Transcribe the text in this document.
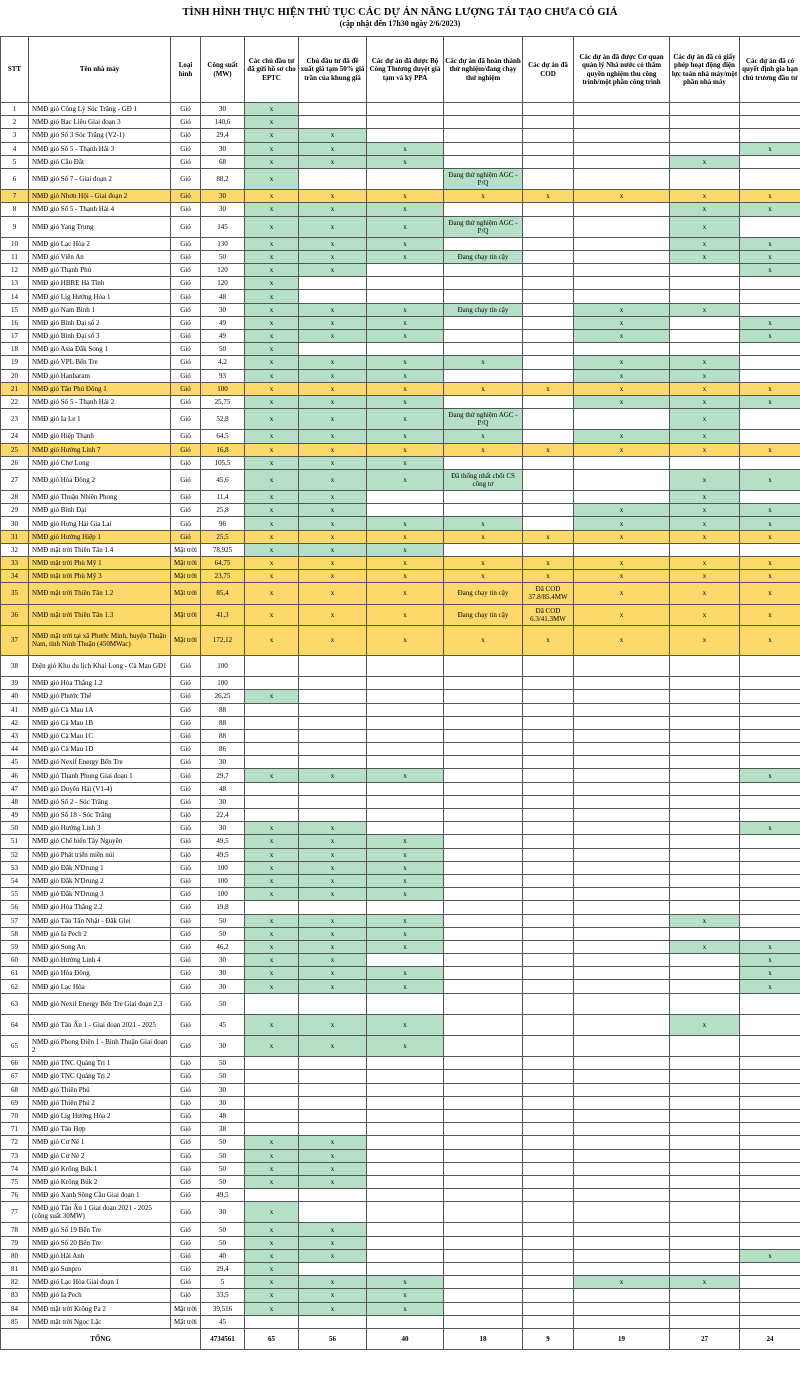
TÌNH HÌNH THỰC HIỆN THỦ TỤC CÁC DỰ ÁN NĂNG LƯỢNG TÁI TẠO CHƯA CÓ GIÁ
(cập nhật đến 17h30 ngày 2/6/2023)
STT	Tên nhà máy	Loại hình	Công suất (MW)	Các chủ đầu tư đã gửi hồ sơ cho EPTC	Chủ đầu tư đã đề xuất giá tạm 50% giá trần của khung giá	Các dự án đã được Bộ Công Thương duyệt giá tạm và ký PPA	Các dự án đã hoàn thành thử nghiệm/đang chạy thử nghiệm	Các dự án đã COD	Các dự án đã được Cơ quan quản lý Nhà nước có thẩm quyền nghiệm thu công trình/một phần công trình	Các dự án đã có giấy phép hoạt động điện lực toàn nhà máy/một phần nhà máy	Các dự án đã có quyết định gia hạn chủ trương đầu tư
1	NMĐ gió Công Lý Sóc Trăng - GĐ 1	Gió	30	x							
2	NMĐ gió Bạc Liêu Giai đoạn 3	Gió	140,6	x							
3	NMĐ gió Số 3 Sóc Trăng (V2-1)	Gió	29,4	x	x						
4	NMĐ gió Số 5 - Thạnh Hải 3	Gió	30	x	x	x					x
5	NMĐ gió Cầu Đất	Gió	68	x	x	x				x	
6	NMĐ gió Số 7 - Giai đoạn 2	Gió	88,2	x			Đang thử nghiệm AGC - P/Q				
7	NMĐ gió Nhơn Hội - Giai đoạn 2	Gió	30	x	x	x	x	x	x	x	x
8	NMĐ gió Số 5 - Thạnh Hải 4	Gió	30	x	x	x				x	x
9	NMĐ gió Yang Trung	Gió	145	x	x	x	Đang thử nghiệm AGC - P/Q			x	
10	NMĐ gió Lạc Hòa 2	Gió	130	x	x	x				x	x
11	NMĐ gió Viên An	Gió	50	x	x	x	Đang chạy tin cậy			x	x
12	NMĐ gió Thạnh Phú	Gió	120	x	x						x
13	NMĐ gió HBRE Hà Tĩnh	Gió	120	x							
14	NMĐ gió Lig Hướng Hóa 1	Gió	48	x							
15	NMĐ gió Nam Bình 1	Gió	30	x	x	x	Đang chạy tin cậy		x	x	
16	NMĐ gió Bình Đại số 2	Gió	49	x	x	x			x		x
17	NMĐ gió Bình Đại số 3	Gió	49	x	x	x			x		x
18	NMĐ gió Asia Đắk Song 1	Gió	50	x							
19	NMĐ gió VPL Bến Tre	Gió	4,2	x	x	x	x		x	x	
20	NMĐ gió Hanbaram	Gió	93	x	x	x			x	x	
21	NMĐ gió Tân Phú Đông 1	Gió	100	x	x	x	x	x	x	x	x
22	NMĐ gió Số 5 - Thạnh Hải 2	Gió	25,75	x	x	x			x	x	x
23	NMĐ gió Ia Le 1	Gió	52,8	x	x	x	Đang thử nghiệm AGC - P/Q			x	
24	NMĐ gió Hiệp Thạnh	Gió	64,5	x	x	x	x		x	x	
25	NMĐ gió Hướng Linh 7	Gió	16,8	x	x	x	x	x	x	x	x
26	NMĐ gió Chơ Long	Gió	105,5	x	x	x					
27	NMĐ gió Hòa Đông 2	Gió	45,6	x	x	x	Đã thống nhất chốt CS công tơ			x	x
28	NMĐ gió Thuận Nhiên Phong	Gió	11,4	x	x					x	
29	NMĐ gió Bình Đại	Gió	25,8	x	x				x	x	x
30	NMĐ gió Hưng Hải Gia Lai	Gió	96	x	x	x	x		x	x	x
31	NMĐ gió Hướng Hiệp 1	Gió	25,5	x	x	x	x	x	x	x	x
32	NMĐ mặt trời Thiên Tân 1.4	Mặt trời	78,925	x	x	x					
33	NMĐ mặt trời Phù Mỹ 1	Mặt trời	64,75	x	x	x	x	x	x	x	x
34	NMĐ mặt trời Phù Mỹ 3	Mặt trời	23,75	x	x	x	x	x	x	x	x
35	NMĐ mặt trời Thiên Tân 1.2	Mặt trời	85,4	x	x	x	Đang chạy tin cậy	Đã COD 37.8/85.4MW	x	x	x
36	NMĐ mặt trời Thiên Tân 1.3	Mặt trời	41,3	x	x	x	Đang chạy tin cậy	Đã COD 6.3/41.3MW	x	x	x
37	NMĐ mặt trời tại xã Phước Minh, huyện Thuận Nam, tỉnh Ninh Thuận (450MWac)	Mặt trời	172,12	x	x	x	x	x	x	x	x
38	Điện gió Khu du lịch Khai Long - Cà Mau GĐ1	Gió	100								
39	NMĐ gió Hòa Thắng 1.2	Gió	100								
40	NMĐ gió Phước Thể	Gió	26,25	x							
41	NMĐ gió Cà Mau 1A	Gió	88								
42	NMĐ gió Cà Mau 1B	Gió	88								
43	NMĐ gió Cà Mau 1C	Gió	88								
44	NMĐ gió Cà Mau 1D	Gió	86								
45	NMĐ gió Nexif Energy Bến Tre	Gió	30								
46	NMĐ gió Thanh Phong Giai đoạn 1	Gió	29,7	x	x	x					x
47	NMĐ gió Duyên Hải (V1-4)	Gió	48								
48	NMĐ gió Số 2 - Sóc Trăng	Gió	30								
49	NMĐ gió Số 18 - Sóc Trăng	Gió	22,4								
50	NMĐ gió Hướng Linh 3	Gió	30	x	x						x
51	NMĐ gió Chế biến Tây Nguyên	Gió	49,5	x	x	x					
52	NMĐ gió Phát triển miền núi	Gió	49,5	x	x	x					
53	NMĐ gió Đăk N'Drung 1	Gió	100	x	x	x					
54	NMĐ gió Đăk N'Drung 2	Gió	100	x	x	x					
55	NMĐ gió Đăk N'Drung 3	Gió	100	x	x	x					
56	NMĐ gió Hòa Thắng 2.2	Gió	19,8								
57	NMĐ gió Tân Tấn Nhật - Đăk Glei	Gió	50	x	x	x				x	
58	NMĐ gió Ia Pech 2	Gió	50	x	x	x					
59	NMĐ gió Song An	Gió	46,2	x	x	x				x	x
60	NMĐ gió Hướng Linh 4	Gió	30	x	x						x
61	NMĐ gió Hòa Đông	Gió	30	x	x	x					x
62	NMĐ gió Lạc Hòa	Gió	30	x	x	x					x
63	NMĐ gió Nexif Energy Bến Tre Giai đoạn 2,3	Gió	50								
64	NMĐ gió Tân Ân 1 - Giai đoạn 2021 - 2025	Gió	45	x	x	x				x	
65	NMĐ gió Phong Điện 1 - Bình Thuận Giai đoạn 2	Gió	30	x	x	x					
66	NMĐ gió TNC Quảng Trị 1	Gió	50								
67	NMĐ gió TNC Quảng Trị 2	Gió	50								
68	NMĐ gió Thiên Phú	Gió	30								
69	NMĐ gió Thiên Phú 2	Gió	30								
70	NMĐ gió Lig Hướng Hóa 2	Gió	48								
71	NMĐ gió Tân Hợp	Gió	38								
72	NMĐ gió Cư Né 1	Gió	50	x	x						
73	NMĐ gió Cư Né 2	Gió	50	x	x						
74	NMĐ gió Krông Búk 1	Gió	50	x	x						
75	NMĐ gió Krông Búk 2	Gió	50	x	x						
76	NMĐ gió Xanh Sông Cầu Giai đoạn 1	Gió	49,5								
77	NMĐ gió Tân Ân 1 Giai đoạn 2021 - 2025 (công suất 30MW)	Gió	30	x							
78	NMĐ gió Số 19 Bến Tre	Gió	50	x	x						
79	NMĐ gió Số 20 Bến Tre	Gió	50	x	x						
80	NMĐ gió Hải Anh	Gió	40	x	x						x
81	NMĐ gió Sunpro	Gió	29,4	x							
82	NMĐ gió Lạc Hòa Giai đoạn 1	Gió	5	x	x	x			x	x	
83	NMĐ gió Ia Pech	Gió	33,5	x	x	x					
84	NMĐ mặt trời Krông Pa 2	Mặt trời	39,516	x	x	x					
85	NMĐ mặt trời Ngọc Lặc	Mặt trời	45								
TỔNG			4734561	65	56	40	18	9	19	27	24
